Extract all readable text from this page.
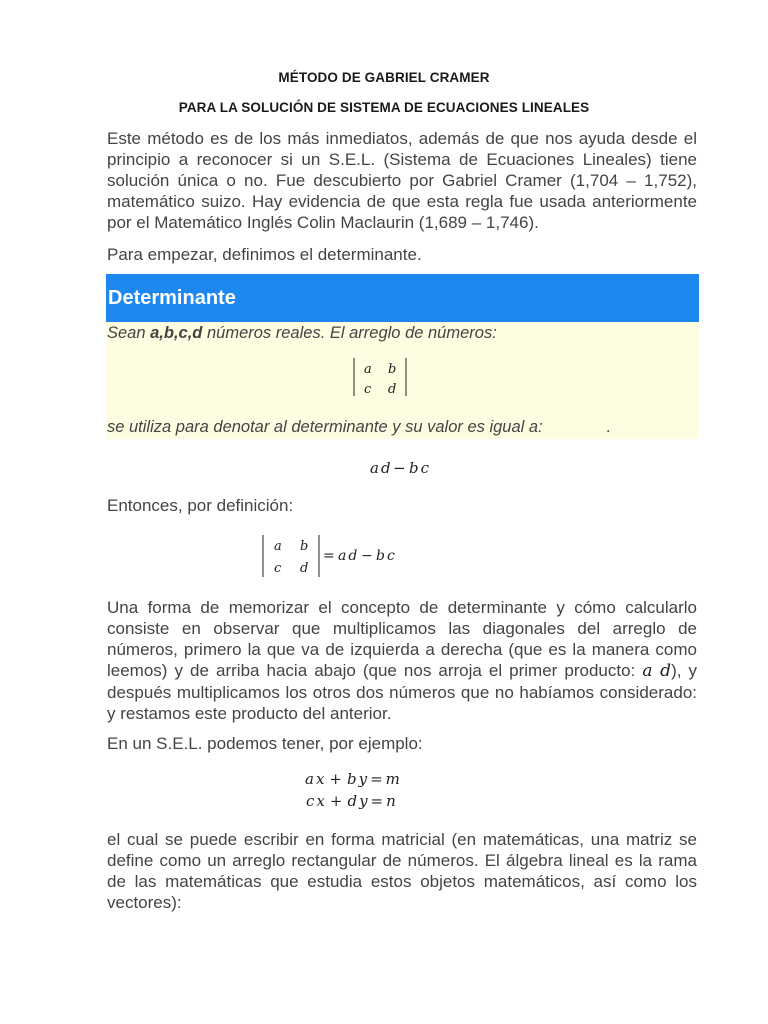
MÉTODO DE GABRIEL CRAMER
PARA LA SOLUCIÓN DE SISTEMA DE ECUACIONES LINEALES
Este método es de los más inmediatos, además de que nos ayuda desde el principio a reconocer si un S.E.L. (Sistema de Ecuaciones Lineales) tiene solución única o no. Fue descubierto por Gabriel Cramer (1,704 – 1,752), matemático suizo. Hay evidencia de que esta regla fue usada anteriormente por el Matemático Inglés Colin Maclaurin (1,689 – 1,746).
Para empezar, definimos el determinante.
Determinante
Sean a,b,c,d números reales. El arreglo de números:
a b
c d
se utiliza para denotar al determinante y su valor es igual a:	.
a d − b c
Entonces, por definición:
a b
c d
= a d − b c
Una forma de memorizar el concepto de determinante y cómo calcularlo consiste en observar que multiplicamos las diagonales del arreglo de números, primero la que va de izquierda a derecha (que es la manera como leemos) y de arriba hacia abajo (que nos arroja el primer producto: a d), y después multiplicamos los otros dos números que no habíamos considerado: y restamos este producto del anterior.
En un S.E.L. podemos tener, por ejemplo:
a x + b y = m
c x + d y = n
el cual se puede escribir en forma matricial (en matemáticas, una matriz se define como un arreglo rectangular de números. El álgebra lineal es la rama de las matemáticas que estudia estos objetos matemáticos, así como los vectores):
